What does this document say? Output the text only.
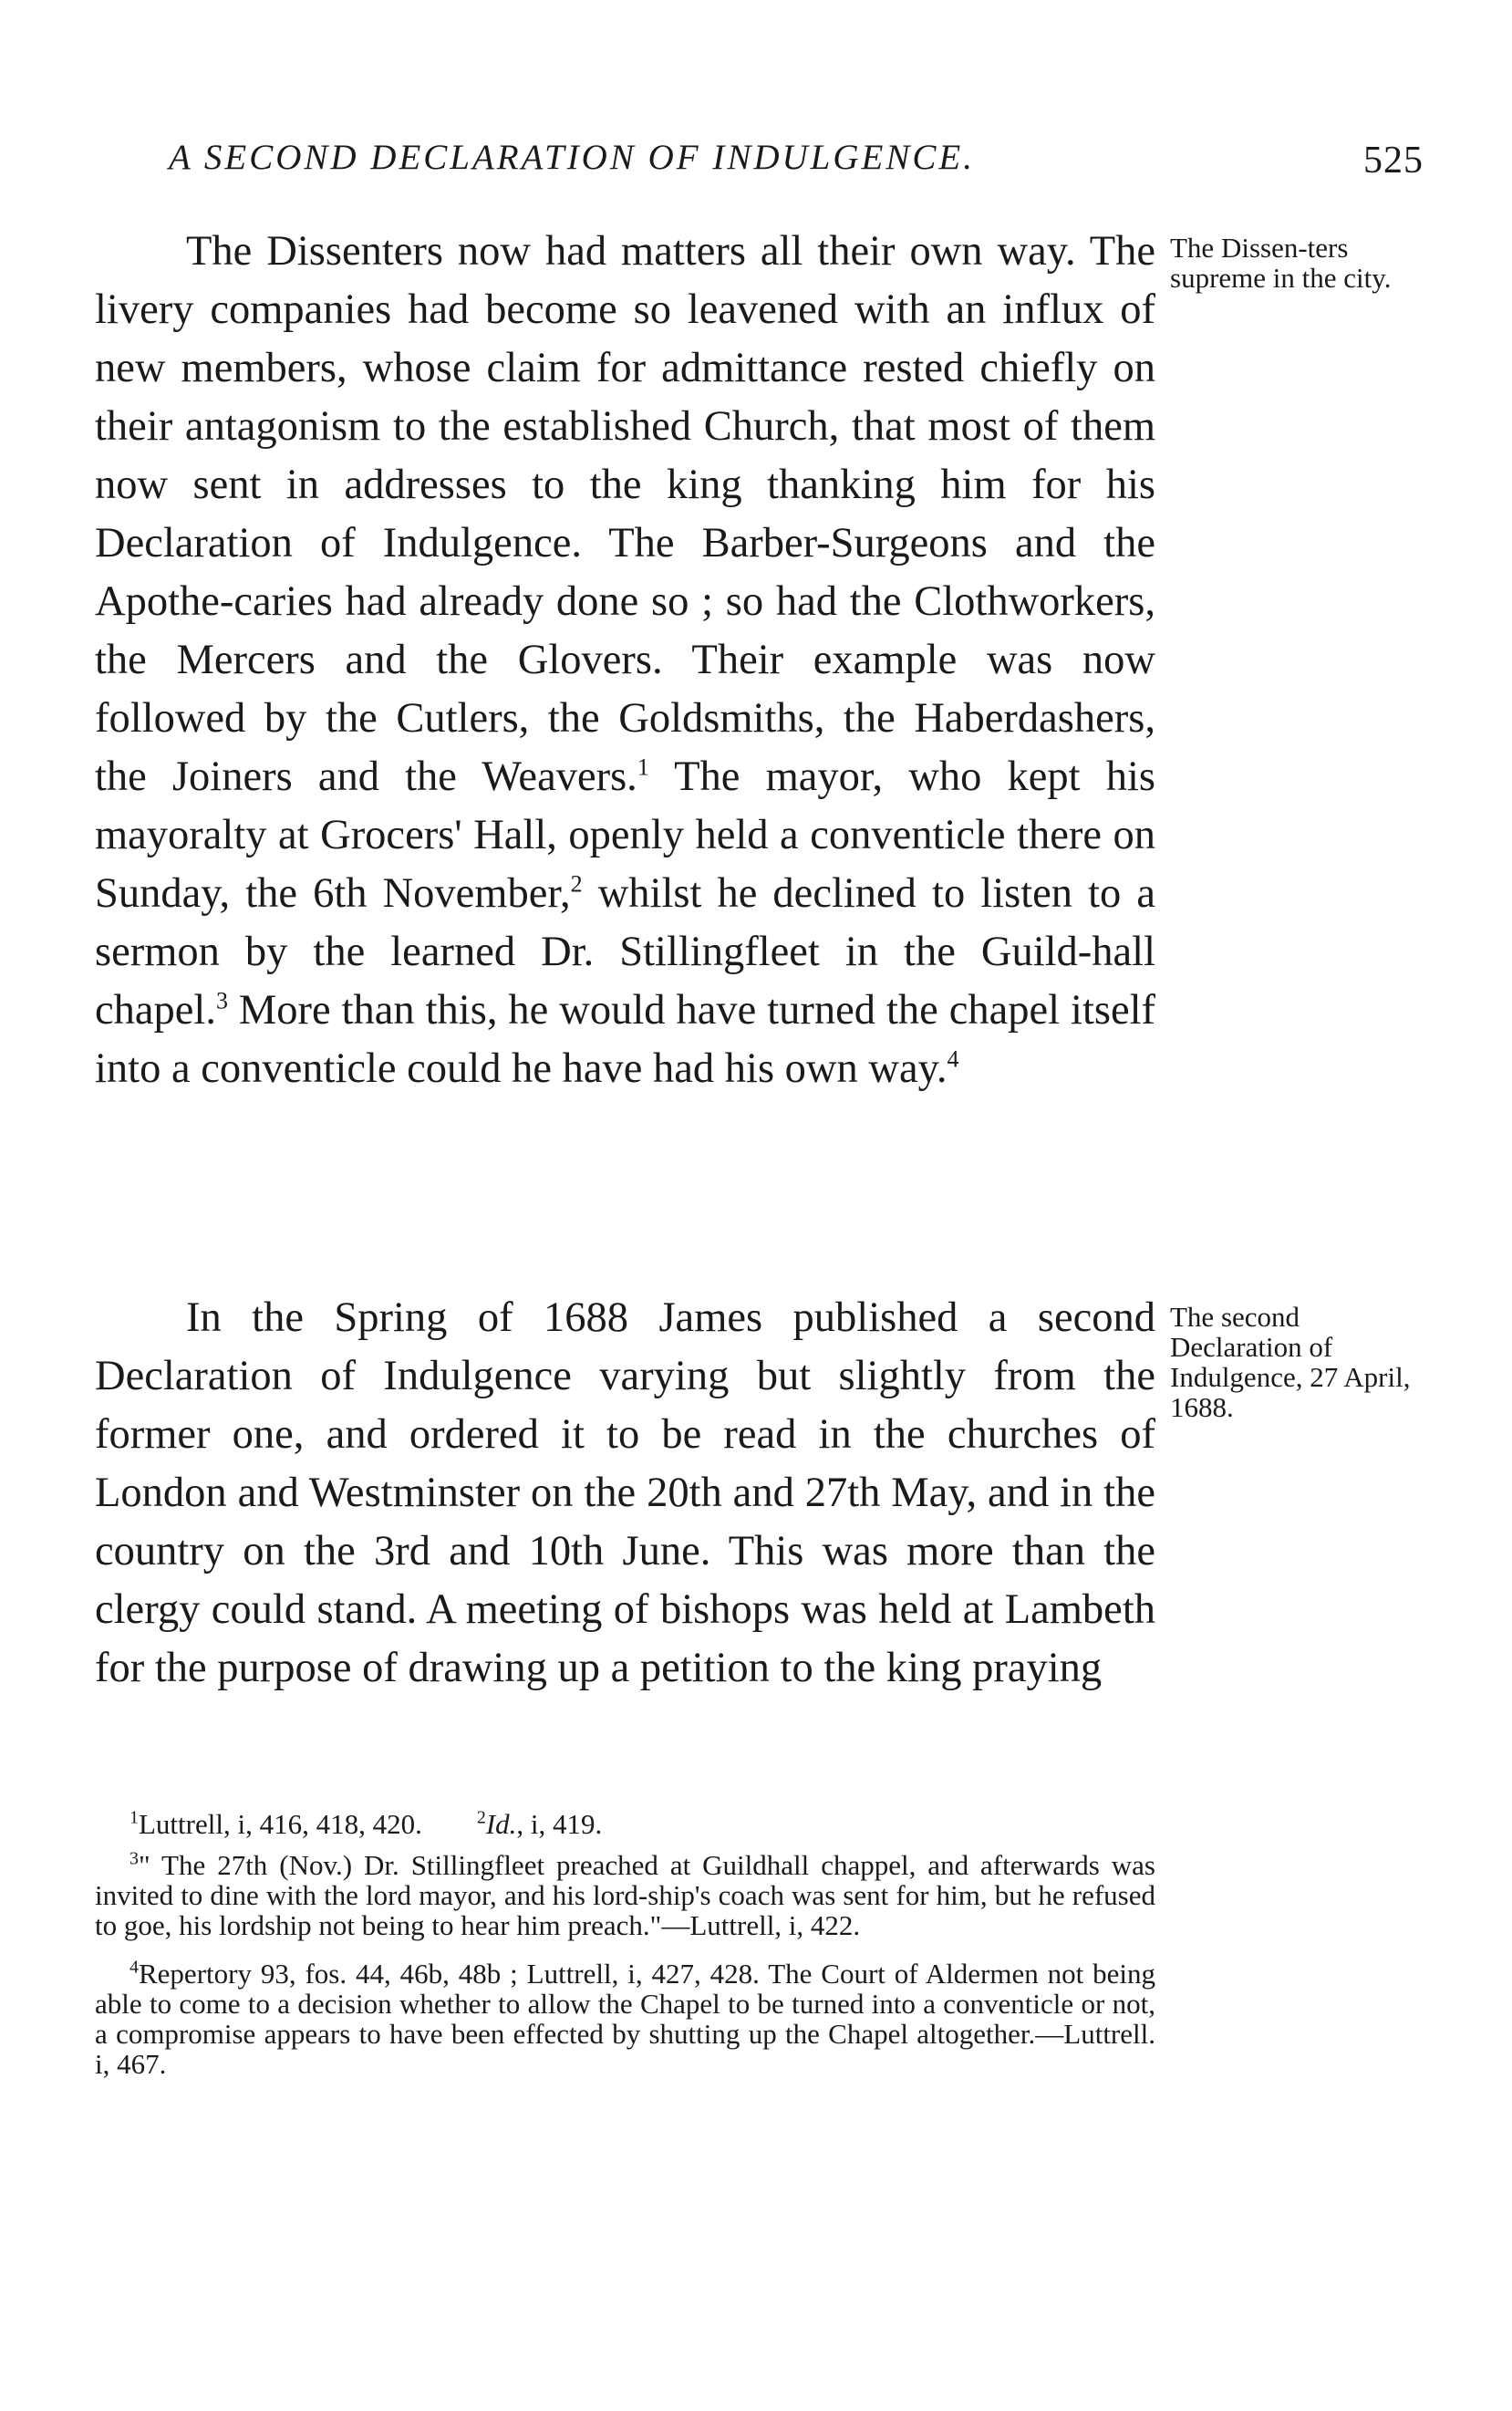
A SECOND DECLARATION OF INDULGENCE.	525

The Dissenters now had matters all their own way. The livery companies had become so leavened with an influx of new members, whose claim for admittance rested chiefly on their antagonism to the established Church, that most of them now sent in addresses to the king thanking him for his Declaration of Indulgence. The Barber-Surgeons and the Apothe-caries had already done so ; so had the Clothworkers, the Mercers and the Glovers. Their example was now followed by the Cutlers, the Goldsmiths, the Haberdashers, the Joiners and the Weavers.$^1$ The mayor, who kept his mayoralty at Grocers' Hall, openly held a conventicle there on Sunday, the 6th November,$^2$ whilst he declined to listen to a sermon by the learned Dr. Stillingfleet in the Guild-hall chapel.$^3$ More than this, he would have turned the chapel itself into a conventicle could he have had his own way.$^4$

The Dissen-ters supreme in the city.

In the Spring of 1688 James published a second Declaration of Indulgence varying but slightly from the former one, and ordered it to be read in the churches of London and Westminster on the 20th and 27th May, and in the country on the 3rd and 10th June. This was more than the clergy could stand. A meeting of bishops was held at Lambeth for the purpose of drawing up a petition to the king praying

The second Declaration of Indulgence, 27 April, 1688.

$^1$Luttrell, i, 416, 418, 420.	$^2$Id., i, 419.

$^3$" The 27th (Nov.) Dr. Stillingfleet preached at Guildhall chappel, and afterwards was invited to dine with the lord mayor, and his lord-ship's coach was sent for him, but he refused to goe, his lordship not being to hear him preach."—Luttrell, i, 422.

$^4$Repertory 93, fos. 44, 46b, 48b ; Luttrell, i, 427, 428. The Court of Aldermen not being able to come to a decision whether to allow the Chapel to be turned into a conventicle or not, a compromise appears to have been effected by shutting up the Chapel altogether.—Luttrell. i, 467.
